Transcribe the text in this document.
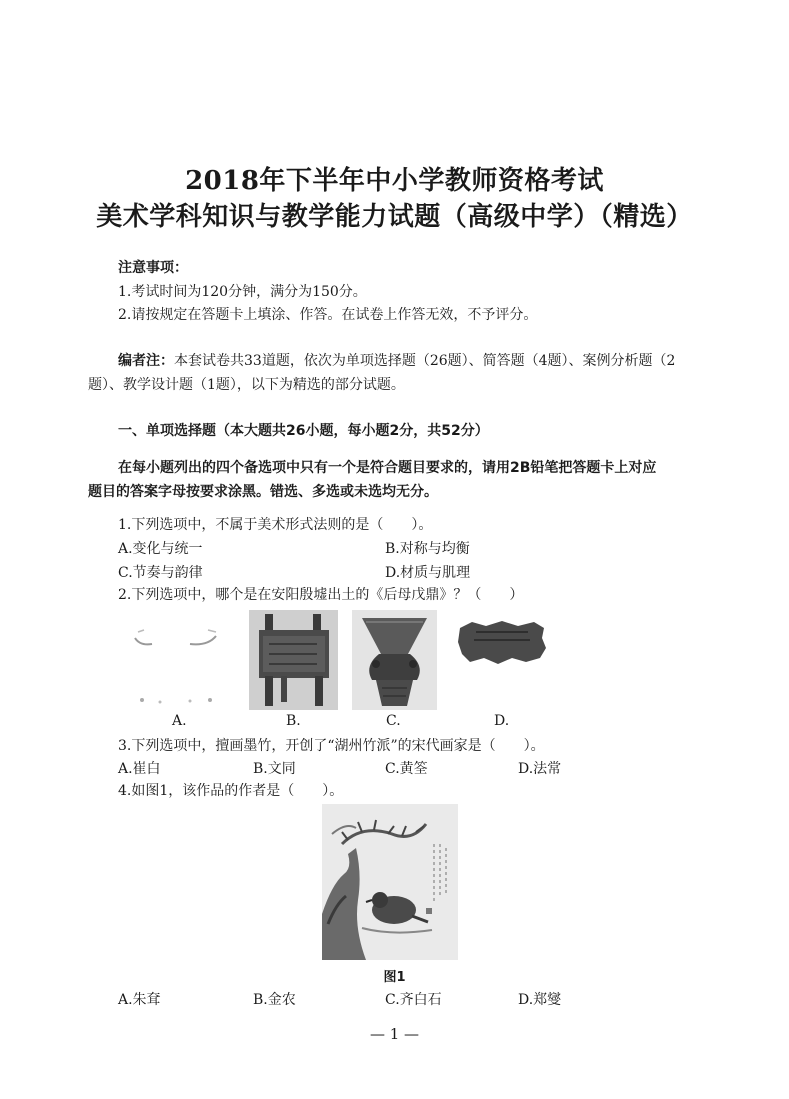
2018年下半年中小学教师资格考试
美术学科知识与教学能力试题（高级中学）（精选）
注意事项：
1.考试时间为120分钟，满分为150分。
2.请按规定在答题卡上填涂、作答。在试卷上作答无效，不予评分。
编者注：本套试卷共33道题，依次为单项选择题（26题）、简答题（4题）、案例分析题（2
题）、教学设计题（1题），以下为精选的部分试题。
一、单项选择题（本大题共26小题，每小题2分，共52分）
在每小题列出的四个备选项中只有一个是符合题目要求的，请用2B铅笔把答题卡上对应
题目的答案字母按要求涂黑。错选、多选或未选均无分。
1.下列选项中，不属于美术形式法则的是（　　）。
A.变化与统一	B.对称与均衡
C.节奏与韵律	D.材质与肌理
2.下列选项中，哪个是在安阳殷墟出土的《后母戊鼎》？（　　）
A.	B.	C.	D.
3.下列选项中，擅画墨竹，开创了“湖州竹派”的宋代画家是（　　）。
A.崔白	B.文同	C.黄筌	D.法常
4.如图1，该作品的作者是（　　）。
图1
A.朱耷	B.金农	C.齐白石	D.郑燮
— 1 —
